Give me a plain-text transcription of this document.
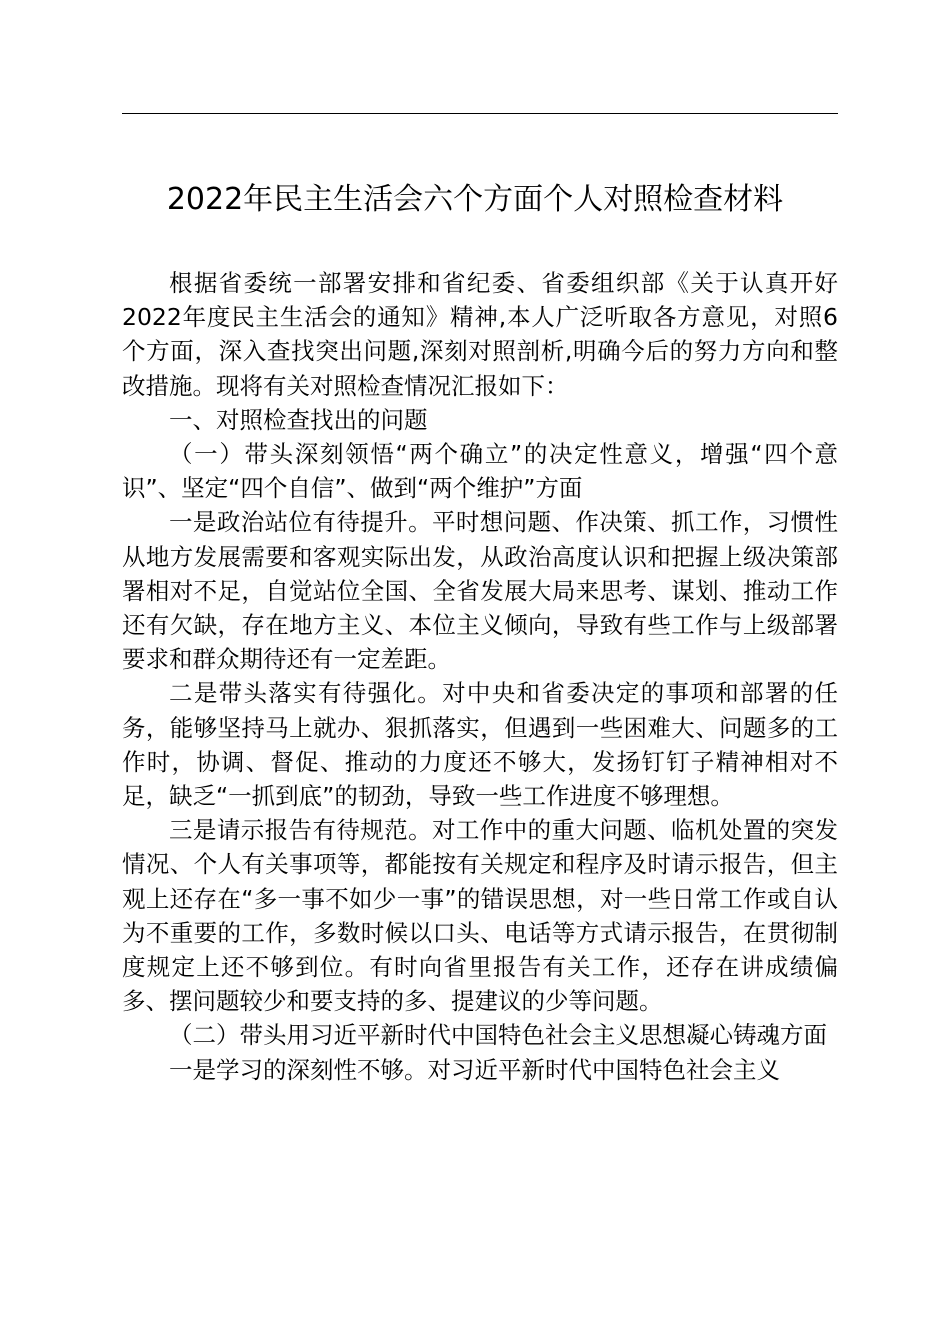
2022年民主生活会六个方面个人对照检查材料

根据省委统一部署安排和省纪委、省委组织部《关于认真开好2022年度民主生活会的通知》精神,本人广泛听取各方意见，对照6个方面，深入查找突出问题,深刻对照剖析,明确今后的努力方向和整改措施。现将有关对照检查情况汇报如下：

一、对照检查找出的问题

（一）带头深刻领悟“两个确立”的决定性意义，增强“四个意识”、坚定“四个自信”、做到“两个维护”方面

一是政治站位有待提升。平时想问题、作决策、抓工作，习惯性从地方发展需要和客观实际出发，从政治高度认识和把握上级决策部署相对不足，自觉站位全国、全省发展大局来思考、谋划、推动工作还有欠缺，存在地方主义、本位主义倾向，导致有些工作与上级部署要求和群众期待还有一定差距。

二是带头落实有待强化。对中央和省委决定的事项和部署的任务，能够坚持马上就办、狠抓落实，但遇到一些困难大、问题多的工作时，协调、督促、推动的力度还不够大，发扬钉钉子精神相对不足，缺乏“一抓到底”的韧劲，导致一些工作进度不够理想。

三是请示报告有待规范。对工作中的重大问题、临机处置的突发情况、个人有关事项等，都能按有关规定和程序及时请示报告，但主观上还存在“多一事不如少一事”的错误思想，对一些日常工作或自认为不重要的工作，多数时候以口头、电话等方式请示报告，在贯彻制度规定上还不够到位。有时向省里报告有关工作，还存在讲成绩偏多、摆问题较少和要支持的多、提建议的少等问题。

（二）带头用习近平新时代中国特色社会主义思想凝心铸魂方面

一是学习的深刻性不够。对习近平新时代中国特色社会主义
